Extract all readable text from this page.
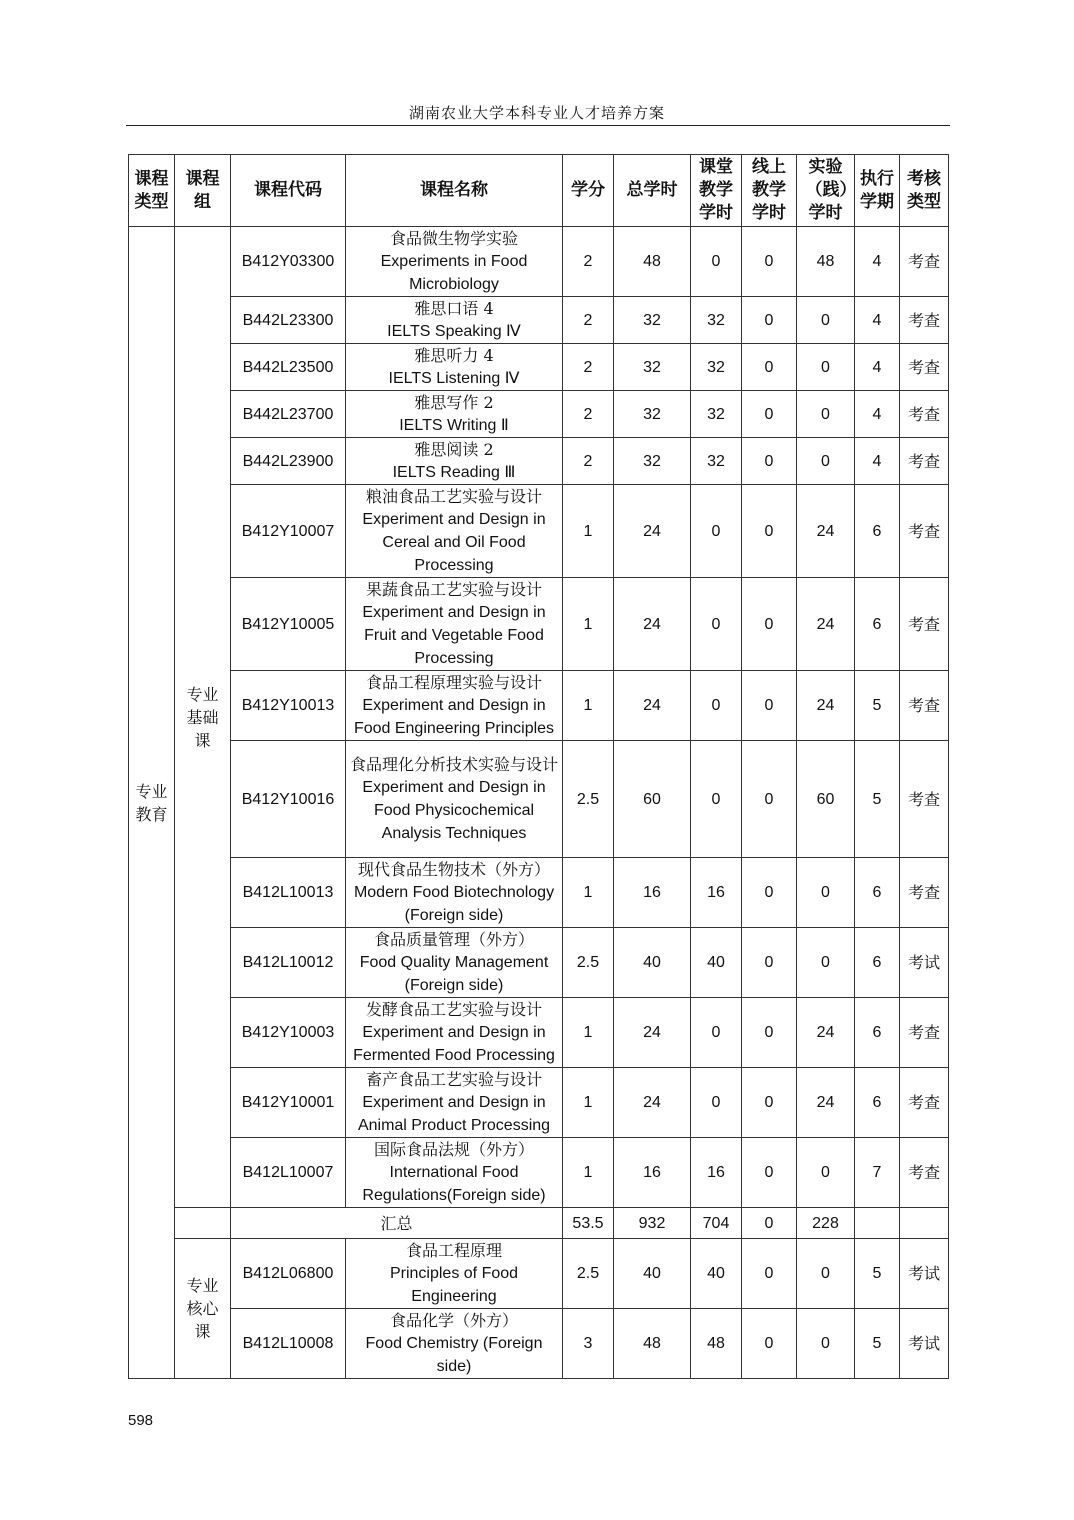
湖南农业大学本科专业人才培养方案
课程类型	课程组	课程代码	课程名称	学分	总学时	课堂教学学时	线上教学学时	实验（践）学时	执行学期	考核类型

专业教育	专业基础课	B412Y03300	食品微生物学实验
Experiments in Food Microbiology	2	48	0	0	48	4	考查
		B442L23300	雅思口语 4
IELTS Speaking Ⅳ	2	32	32	0	0	4	考查
		B442L23500	雅思听力 4
IELTS Listening Ⅳ	2	32	32	0	0	4	考查
		B442L23700	雅思写作 2
IELTS Writing Ⅱ	2	32	32	0	0	4	考查
		B442L23900	雅思阅读 2
IELTS Reading Ⅲ	2	32	32	0	0	4	考查
		B412Y10007	粮油食品工艺实验与设计
Experiment and Design in Cereal and Oil Food Processing	1	24	0	0	24	6	考查
		B412Y10005	果蔬食品工艺实验与设计
Experiment and Design in Fruit and Vegetable Food Processing	1	24	0	0	24	6	考查
		B412Y10013	食品工程原理实验与设计
Experiment and Design in Food Engineering Principles	1	24	0	0	24	5	考查
		B412Y10016	食品理化分析技术实验与设计
Experiment and Design in Food Physicochemical Analysis Techniques	2.5	60	0	0	60	5	考查
		B412L10013	现代食品生物技术（外方）
Modern Food Biotechnology (Foreign side)	1	16	16	0	0	6	考查
		B412L10012	食品质量管理（外方）
Food Quality Management (Foreign side)	2.5	40	40	0	0	6	考试
		B412Y10003	发酵食品工艺实验与设计
Experiment and Design in Fermented Food Processing	1	24	0	0	24	6	考查
		B412Y10001	畜产食品工艺实验与设计
Experiment and Design in Animal Product Processing	1	24	0	0	24	6	考查
		B412L10007	国际食品法规（外方）
International Food Regulations(Foreign side)	1	16	16	0	0	7	考查
		汇总		53.5	932	704	0	228		

	专业核心课	B412L06800	食品工程原理
Principles of Food Engineering	2.5	40	40	0	0	5	考试
		B412L10008	食品化学（外方）
Food Chemistry (Foreign side)	3	48	48	0	0	5	考试
598
